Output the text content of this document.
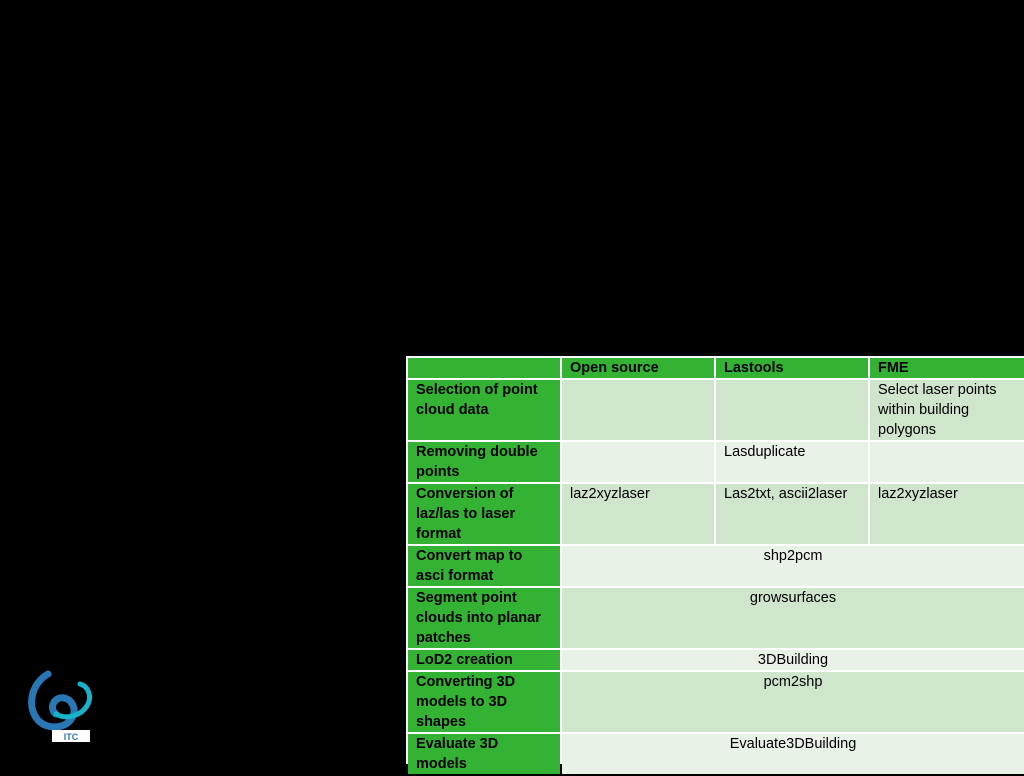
	Open source	Lastools	FME
Selection of point cloud data			Select laser points within building polygons
Removing double points		Lasduplicate	
Conversion of laz/las to laser format	laz2xyzlaser	Las2txt, ascii2laser	laz2xyzlaser
Convert map to asci format	shp2pcm		
Segment point clouds into planar patches	growsurfaces		
LoD2 creation	3DBuilding		
Converting 3D models to 3D shapes	pcm2shp		
Evaluate 3D models	Evaluate3DBuilding		
ITC
